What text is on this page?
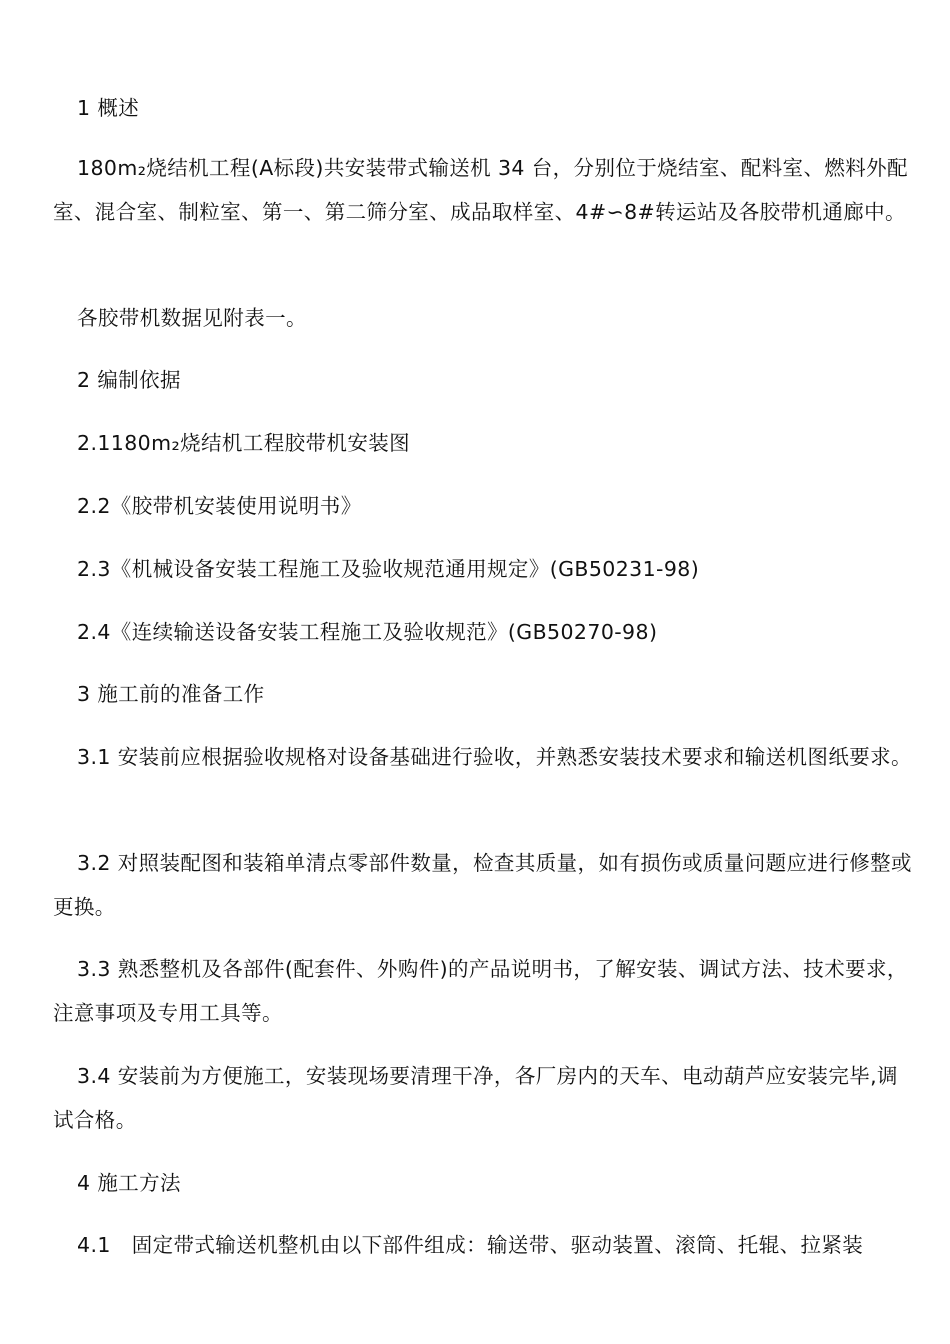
1 概述
180m₂烧结机工程(A标段)共安装带式输送机 34 台，分别位于烧结室、配料室、燃料外配室、混合室、制粒室、第一、第二筛分室、成品取样室、4#∽8#转运站及各胶带机通廊中。
各胶带机数据见附表一。
2 编制依据
2.1180m₂烧结机工程胶带机安装图
2.2《胶带机安装使用说明书》
2.3《机械设备安装工程施工及验收规范通用规定》(GB50231-98)
2.4《连续输送设备安装工程施工及验收规范》(GB50270-98)
3 施工前的准备工作
3.1 安装前应根据验收规格对设备基础进行验收，并熟悉安装技术要求和输送机图纸要求。
3.2 对照装配图和装箱单清点零部件数量，检查其质量，如有损伤或质量问题应进行修整或更换。
3.3 熟悉整机及各部件(配套件、外购件)的产品说明书，了解安装、调试方法、技术要求，注意事项及专用工具等。
3.4 安装前为方便施工，安装现场要清理干净，各厂房内的天车、电动葫芦应安装完毕,调试合格。
4 施工方法
4.1　固定带式输送机整机由以下部件组成：输送带、驱动装置、滚筒、托辊、拉紧装
